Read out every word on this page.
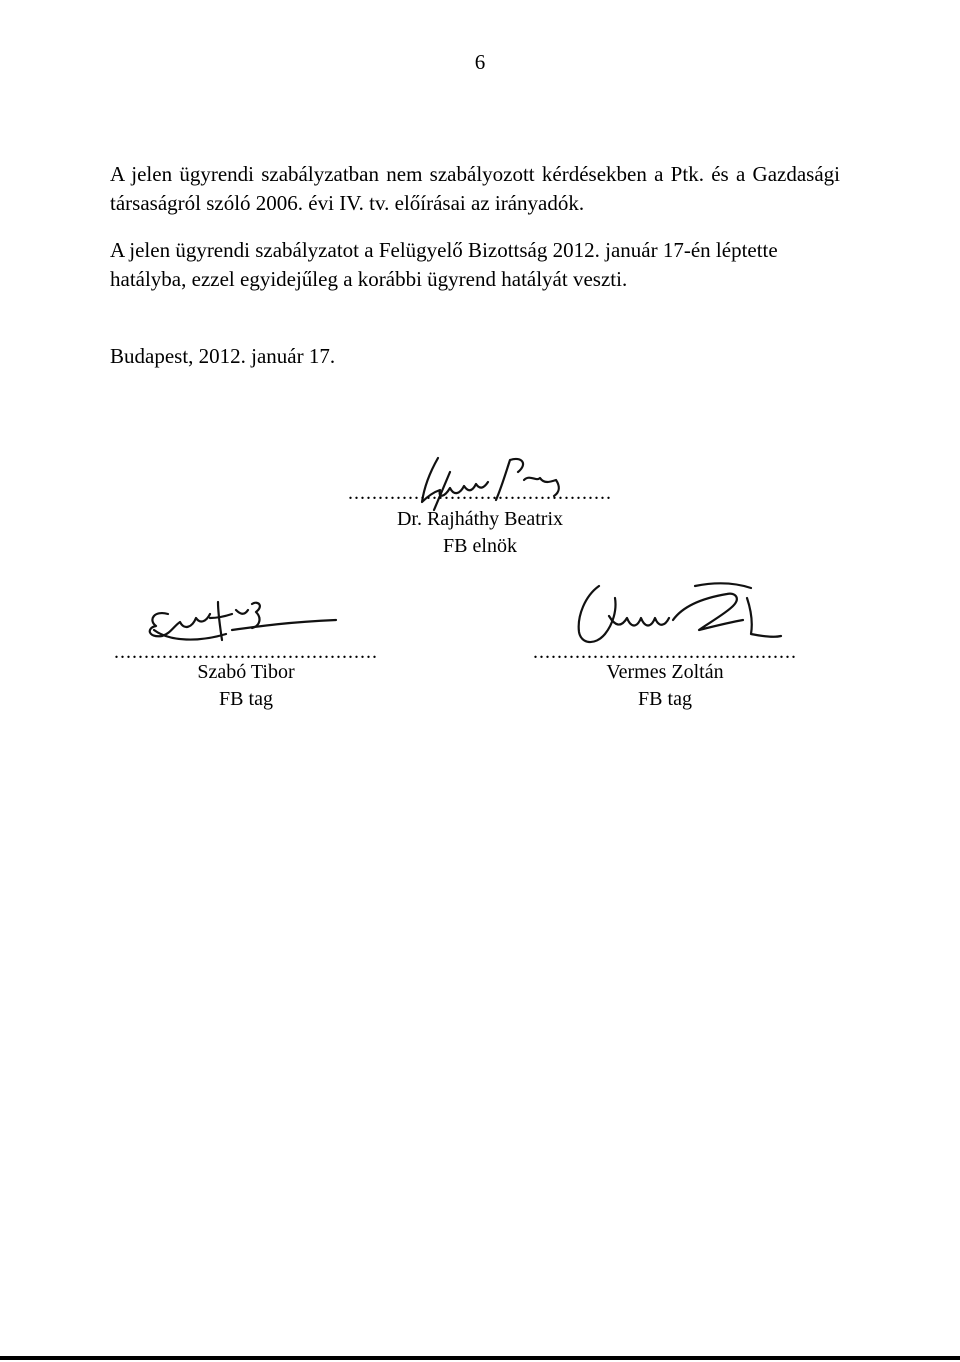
6

A jelen ügyrendi szabályzatban nem szabályozott kérdésekben a Ptk. és a Gazdasági társaságról szóló 2006. évi IV. tv. előírásai az irányadók.

A jelen ügyrendi szabályzatot a Felügyelő Bizottság 2012. január 17-én léptette hatályba, ezzel egyidejűleg a korábbi ügyrend hatályát veszti.

Budapest, 2012. január 17.
............................................
Dr. Rajháthy Beatrix
FB elnök
............................................
Szabó Tibor
FB tag
............................................
Vermes Zoltán
FB tag
